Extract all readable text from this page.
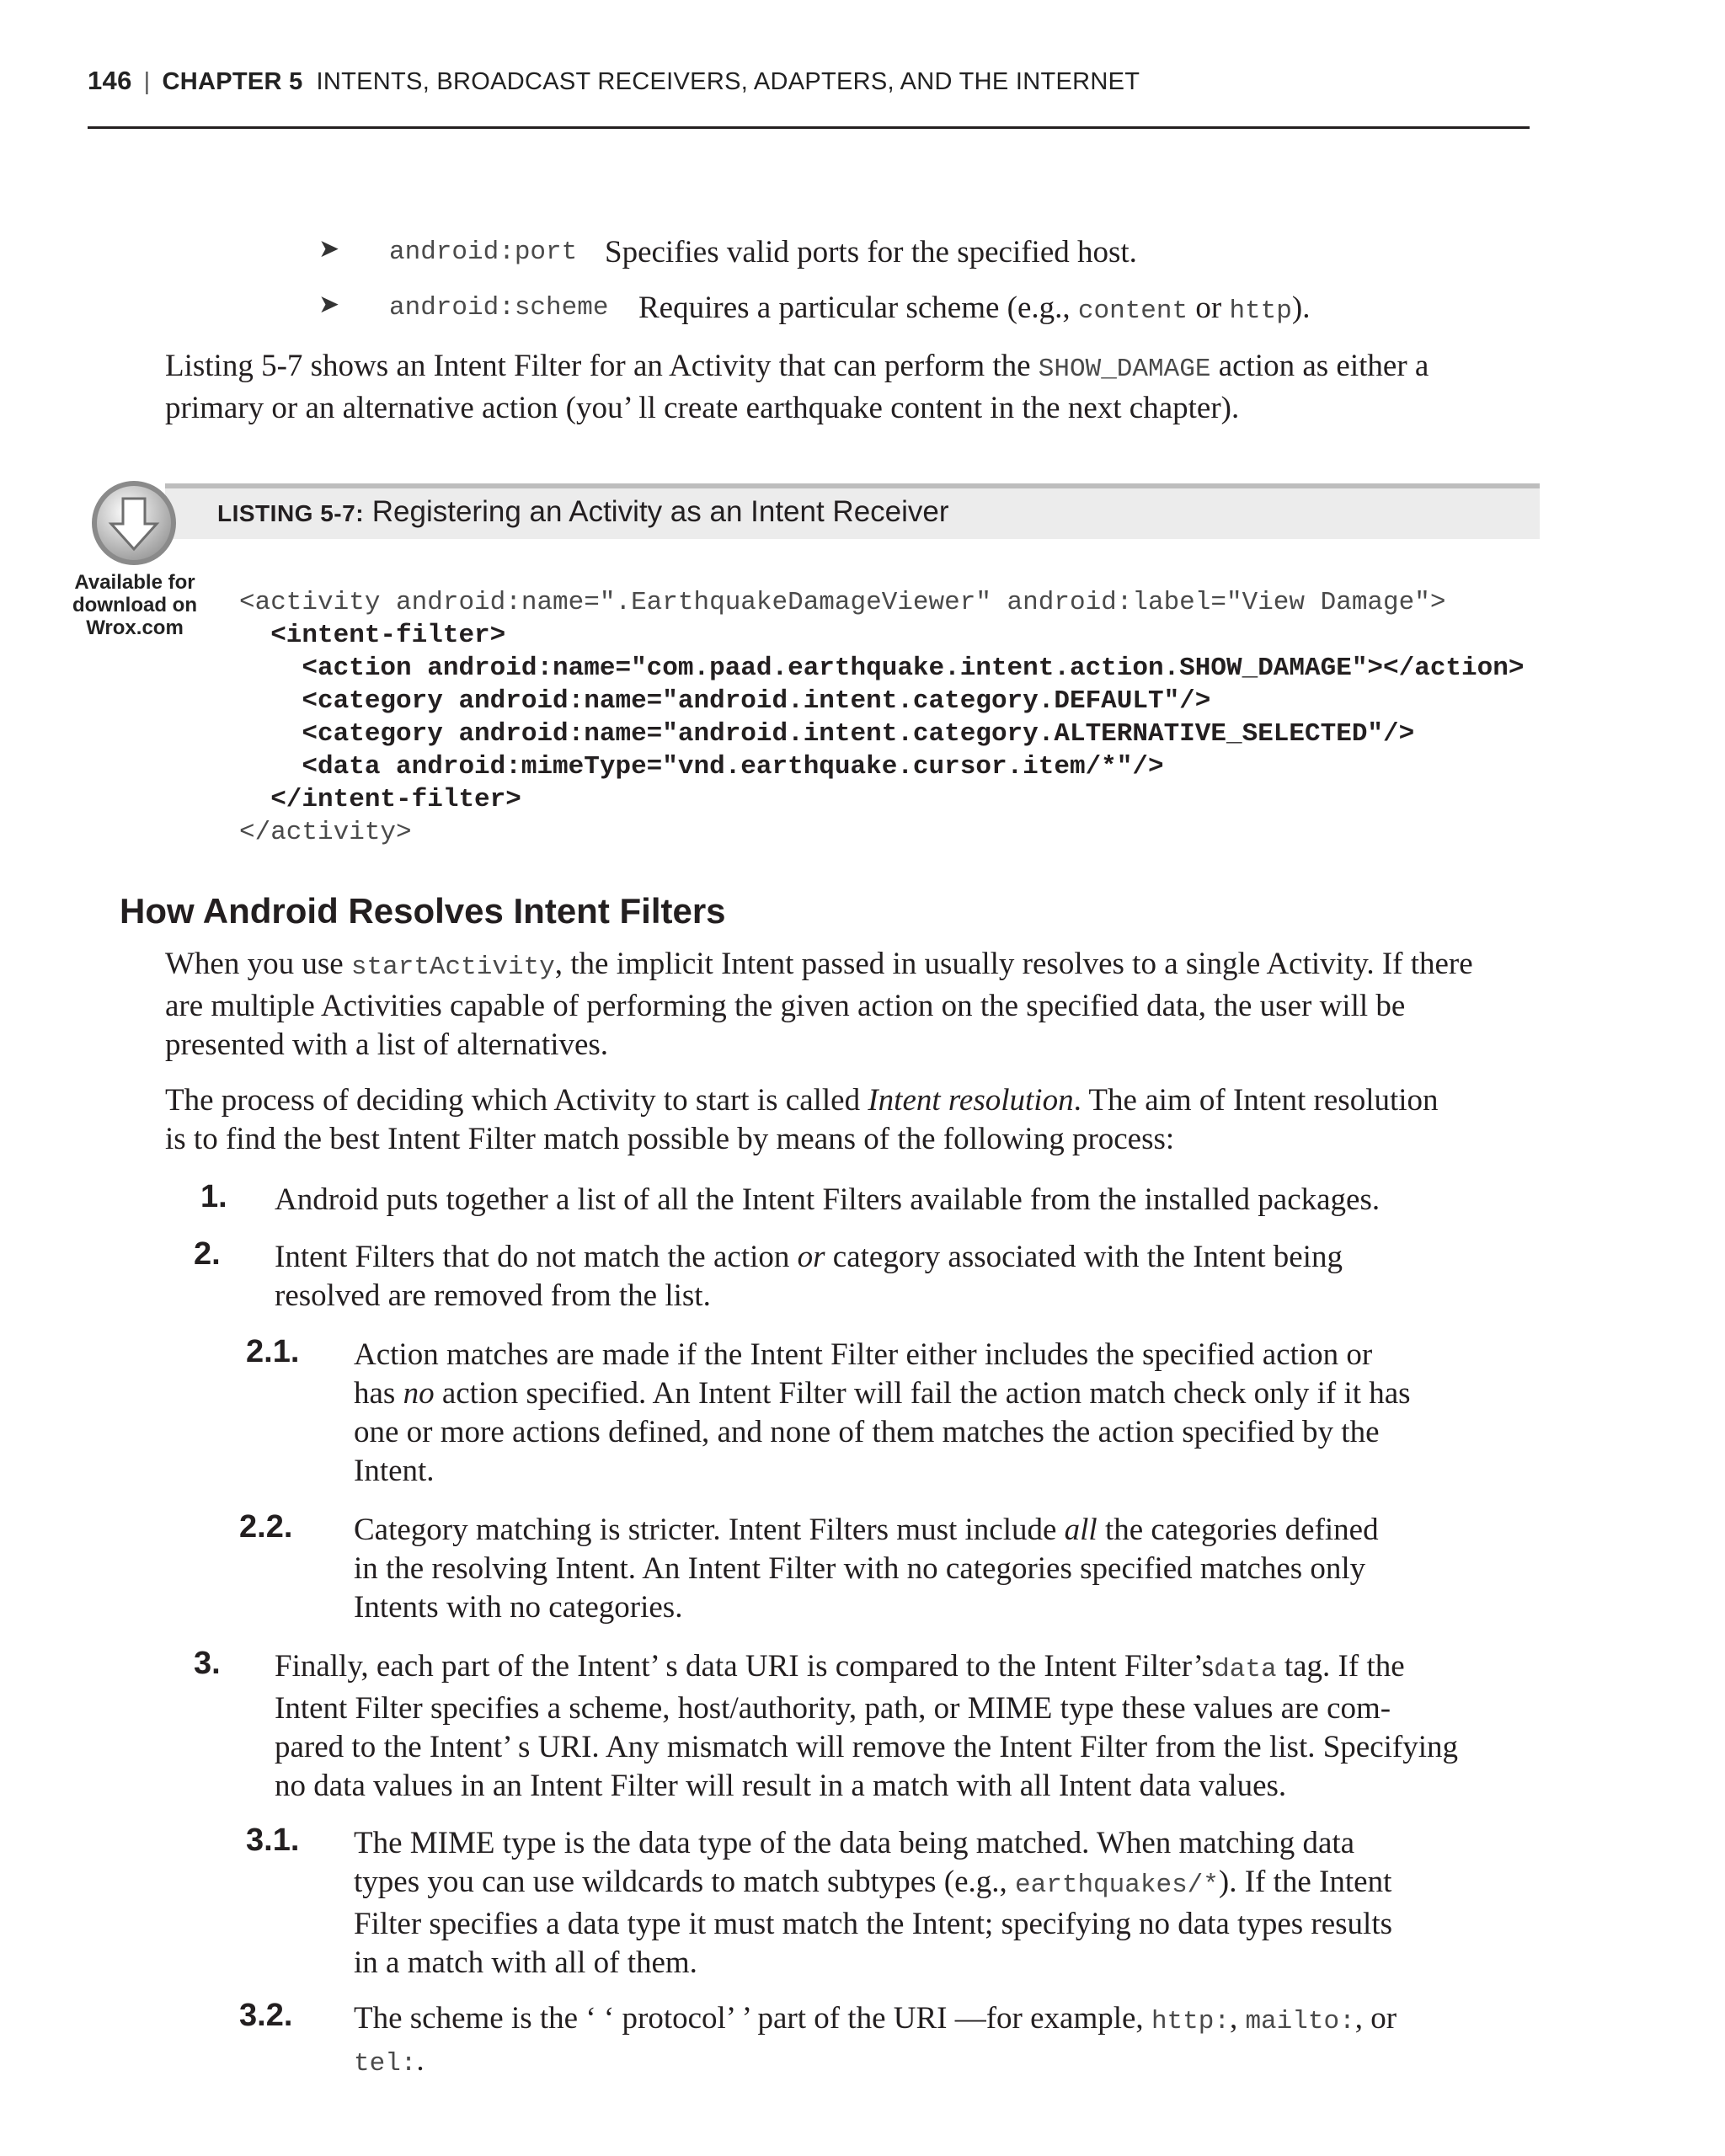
146 | CHAPTER 5 INTENTS, BROADCAST RECEIVERS, ADAPTERS, AND THE INTERNET
➤ android:port Specifies valid ports for the specified host.
➤ android:scheme Requires a particular scheme (e.g., content or http).
Listing 5-7 shows an Intent Filter for an Activity that can perform the SHOW_DAMAGE action as either a
primary or an alternative action (you’ ll create earthquake content in the next chapter).
LISTING 5-7: Registering an Activity as an Intent Receiver
Available for
download on
Wrox.com
<activity android:name=".EarthquakeDamageViewer" android:label="View Damage">
<intent-filter>
<action android:name="com.paad.earthquake.intent.action.SHOW_DAMAGE"></action>
<category android:name="android.intent.category.DEFAULT"/>
<category android:name="android.intent.category.ALTERNATIVE_SELECTED"/>
<data android:mimeType="vnd.earthquake.cursor.item/*"/>
</intent-filter>
</activity>
How Android Resolves Intent Filters
When you use startActivity, the implicit Intent passed in usually resolves to a single Activity. If there
are multiple Activities capable of performing the given action on the specified data, the user will be
presented with a list of alternatives.
The process of deciding which Activity to start is called Intent resolution. The aim of Intent resolution
is to find the best Intent Filter match possible by means of the following process:
1. Android puts together a list of all the Intent Filters available from the installed packages.
2. Intent Filters that do not match the action or category associated with the Intent being
resolved are removed from the list.
2.1. Action matches are made if the Intent Filter either includes the specified action or
has no action specified. An Intent Filter will fail the action match check only if it has
one or more actions defined, and none of them matches the action specified by the
Intent.
2.2. Category matching is stricter. Intent Filters must include all the categories defined
in the resolving Intent. An Intent Filter with no categories specified matches only
Intents with no categories.
3. Finally, each part of the Intent’ s data URI is compared to the Intent Filter’sdata tag. If the
Intent Filter specifies a scheme, host/authority, path, or MIME type these values are com-
pared to the Intent’ s URI. Any mismatch will remove the Intent Filter from the list. Specifying
no data values in an Intent Filter will result in a match with all Intent data values.
3.1. The MIME type is the data type of the data being matched. When matching data
types you can use wildcards to match subtypes (e.g., earthquakes/*). If the Intent
Filter specifies a data type it must match the Intent; specifying no data types results
in a match with all of them.
3.2. The scheme is the ‘ ‘ protocol’ ’ part of the URI —for example, http:, mailto:, or
tel:.
